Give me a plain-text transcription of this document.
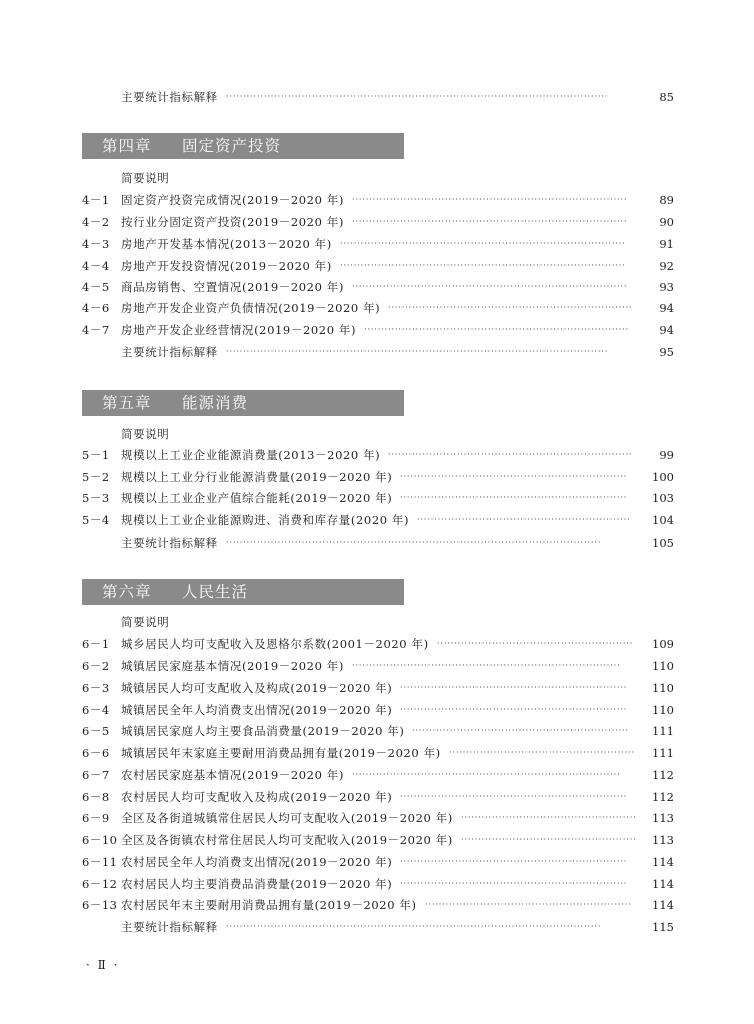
主要统计指标解释 ···············································································································	85
第四章 固定资产投资
简要说明
4－1 固定资产投资完成情况(2019－2020 年) ················································································	89
4－2 按行业分固定资产投资(2019－2020 年) ················································································	90
4－3 房地产开发基本情况(2013－2020 年) ···················································································	91
4－4 房地产开发投资情况(2019－2020 年) ···················································································	92
4－5 商品房销售、空置情况(2019－2020 年) ················································································	93
4－6 房地产开发企业资产负债情况(2019－2020 年) ·······································································	94
4－7 房地产开发企业经营情况(2019－2020 年) ·············································································	94
主要统计指标解释 ···············································································································	95
第五章 能源消费
简要说明
5－1 规模以上工业企业能源消费量(2013－2020 年) ·······································································	99
5－2 规模以上工业分行业能源消费量(2019－2020 年) ··································································	100
5－3 规模以上工业企业产值综合能耗(2019－2020 年) ··································································	103
5－4 规模以上工业企业能源购进、消费和库存量(2020 年) ······························································	104
主要统计指标解释 ·············································································································	105
第六章 人民生活
简要说明
6－1 城乡居民人均可支配收入及恩格尔系数(2001－2020 年) ·························································	109
6－2 城镇居民家庭基本情况(2019－2020 年) ··············································································	110
6－3 城镇居民人均可支配收入及构成(2019－2020 年) ··································································	110
6－4 城镇居民全年人均消费支出情况(2019－2020 年) ··································································	110
6－5 城镇居民家庭人均主要食品消费量(2019－2020 年) ·······························································	111
6－6 城镇居民年末家庭主要耐用消费品拥有量(2019－2020 年) ······················································	111
6－7 农村居民家庭基本情况(2019－2020 年) ··············································································	112
6－8 农村居民人均可支配收入及构成(2019－2020 年) ··································································	112
6－9 全区及各街道城镇常住居民人均可支配收入(2019－2020 年) ···················································	113
6－10 全区及各街镇农村常住居民人均可支配收入(2019－2020 年) ···················································	113
6－11 农村居民全年人均消费支出情况(2019－2020 年) ··································································	114
6－12 农村居民人均主要消费品消费量(2019－2020 年) ··································································	114
6－13 农村居民年末主要耐用消费品拥有量(2019－2020 年) ····························································	114
主要统计指标解释 ·············································································································	115
· Ⅱ ·
